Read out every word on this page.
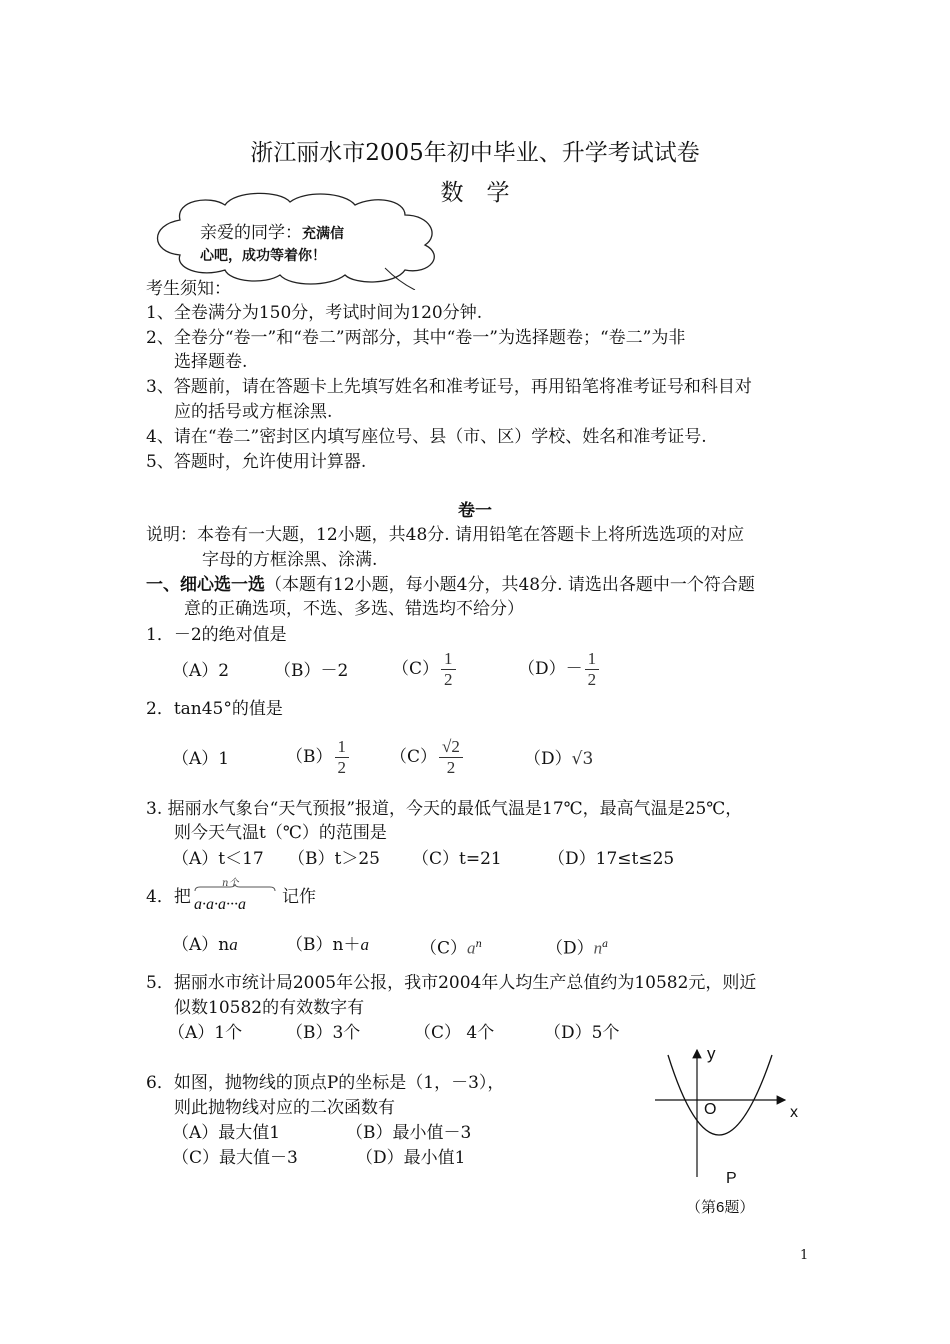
浙江丽水市2005年初中毕业、升学考试试卷
数　学
亲爱的同学：充满信
心吧，成功等着你！
考生须知：
1、全卷满分为150分，考试时间为120分钟.
2、全卷分“卷一”和“卷二”两部分，其中“卷一”为选择题卷；“卷二”为非
选择题卷.
3、答题前，请在答题卡上先填写姓名和准考证号，再用铅笔将准考证号和科目对
应的括号或方框涂黑.
4、请在“卷二”密封区内填写座位号、县（市、区）学校、姓名和准考证号.
5、答题时，允许使用计算器.
卷一
说明：本卷有一大题，12小题，共48分. 请用铅笔在答题卡上将所选选项的对应
字母的方框涂黑、涂满.
一、细心选一选（本题有12小题，每小题4分，共48分. 请选出各题中一个符合题
意的正确选项，不选、多选、错选均不给分）
1．－2的绝对值是
（A）2	（B）－2	$(C) \frac{1}{2}$	$(D)- \frac{1}{2}$
2．tan45°的值是
（A）1	$(B) \frac{1}{2} (C) \frac{√2}{2}$	（D）√3
3. 据丽水气象台“天气预报”报道，今天的最低气温是17℃，最高气温是25℃，
则今天气温t（℃）的范围是
（A）t＜17 （B）t＞25 （C）t=21	（D）17≤t≤25
4．把
n个
a·a·a···a 记作
（A）na	（B）n＋a	$(C)a^n$	$(D)n^a$
5．据丽水市统计局2005年公报，我市2004年人均生产总值约为10582元，则近
似数10582的有效数字有
（A）1个	（B）3个	（C） 4个	（D）5个
6．如图，抛物线的顶点P的坐标是（1，－3），
则此抛物线对应的二次函数有
（A）最大值1	（B）最小值－3
（C）最大值－3	（D）最小值1
y
x
O
P
（第6题）
1
